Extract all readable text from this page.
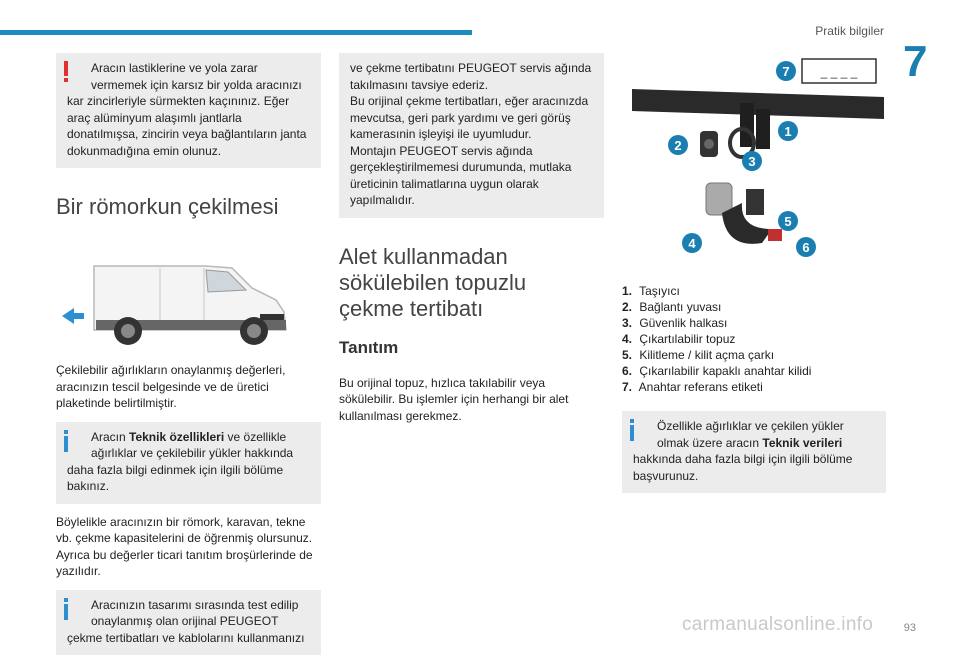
Pratik bilgiler
7

Aracın lastiklerine ve yola zarar

vermemek için karsız bir yolda aracınızı

kar zincirleriyle sürmekten kaçınınız. Eğer araç alüminyum alaşımlı jantlarla donatılmışsa, zincirin veya bağlantıların janta dokunmadığına emin olunuz.

Bir römorkun çekilmesi

Çekilebilir ağırlıkların onaylanmış değerleri, aracınızın tescil belgesinde ve de üretici plaketinde belirtilmiştir.

Aracın Teknik özellikleri ve özellikle

ağırlıklar ve çekilebilir yükler hakkında

daha fazla bilgi edinmek için ilgili bölüme bakınız.

Böylelikle aracınızın bir römork, karavan, tekne vb. çekme kapasitelerini de öğrenmiş olursunuz. Ayrıca bu değerler ticari tanıtım broşürlerinde de yazılıdır.

Aracınızın tasarımı sırasında test edilip

onaylanmış olan orijinal PEUGEOT

çekme tertibatları ve kablolarını kullanmanızı

ve çekme tertibatını PEUGEOT servis ağında takılmasını tavsiye ederiz.
Bu orijinal çekme tertibatları, eğer aracınızda mevcutsa, geri park yardımı ve geri görüş kamerasınin işleyişi ile uyumludur.
Montajın PEUGEOT servis ağında gerçekleştirilmemesi durumunda, mutlaka üreticinin talimatlarına uygun olarak yapılmalıdır.

Alet kullanmadan
sökülebilen topuzlu
çekme tertibatı
Tanıtım

Bu orijinal topuz, hızlıca takılabilir veya sökülebilir. Bu işlemler için herhangi bir alet kullanılması gerekmez.

_ _ _ _
1
2
3
4
5
6
7
1. Taşıyıcı
2. Bağlantı yuvası
3. Güvenlik halkası
4. Çıkartılabilir topuz
5. Kilitleme / kilit açma çarkı
6. Çıkarılabilir kapaklı anahtar kilidi
7. Anahtar referans etiketi

Özellikle ağırlıklar ve çekilen yükler

olmak üzere aracın Teknik verileri

hakkında daha fazla bilgi için ilgili bölüme başvurunuz.

carmanualsonline.info	93
